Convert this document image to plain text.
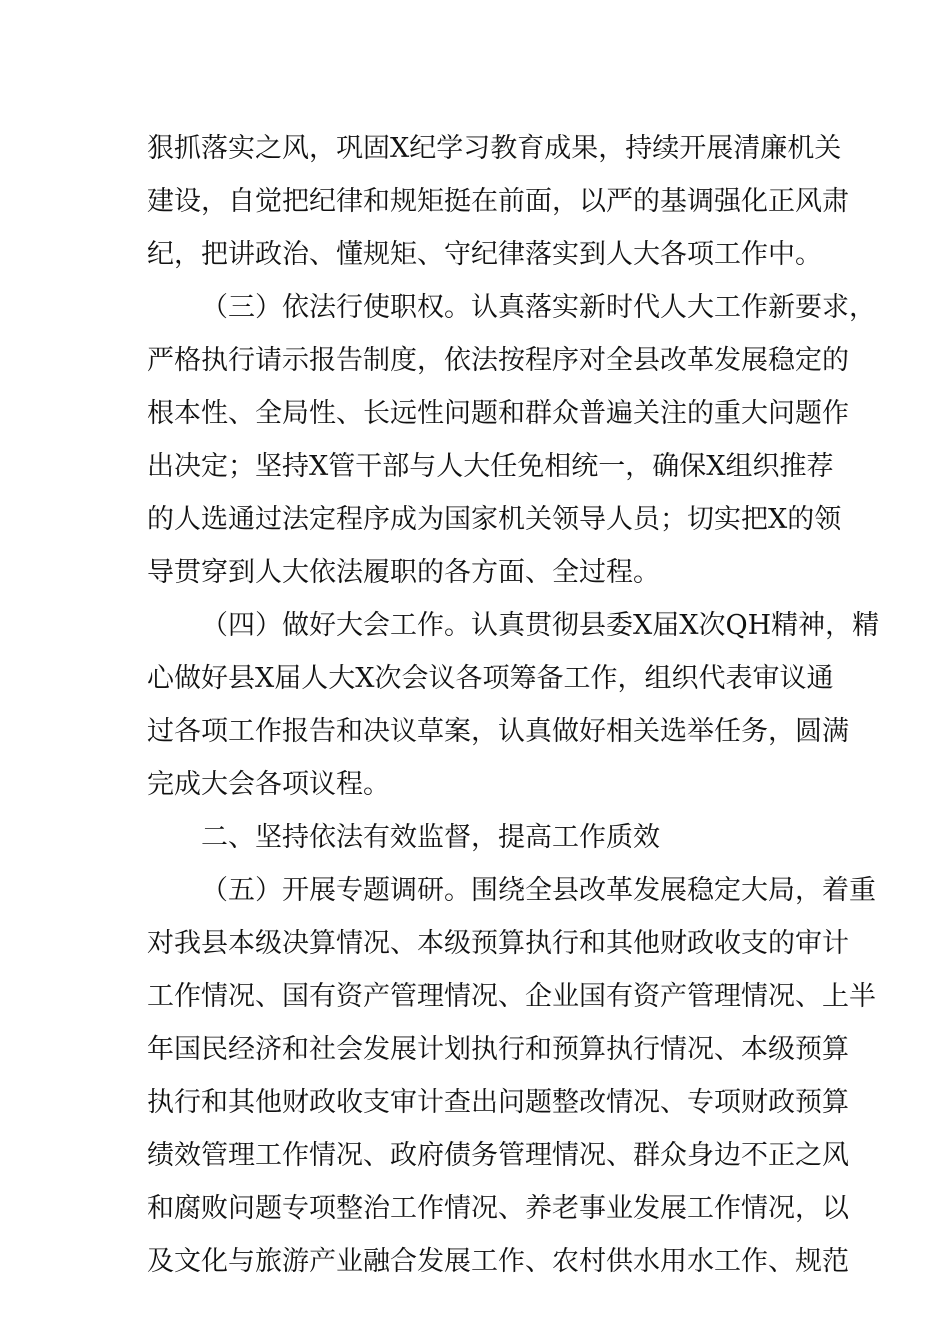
狠抓落实之风，巩固X纪学习教育成果，持续开展清廉机关
建设，自觉把纪律和规矩挺在前面，以严的基调强化正风肃
纪，把讲政治、懂规矩、守纪律落实到人大各项工作中。
（三）依法行使职权。认真落实新时代人大工作新要求，
严格执行请示报告制度，依法按程序对全县改革发展稳定的
根本性、全局性、长远性问题和群众普遍关注的重大问题作
出决定；坚持X管干部与人大任免相统一，确保X组织推荐
的人选通过法定程序成为国家机关领导人员；切实把X的领
导贯穿到人大依法履职的各方面、全过程。
（四）做好大会工作。认真贯彻县委X届X次QH精神，精
心做好县X届人大X次会议各项筹备工作，组织代表审议通
过各项工作报告和决议草案，认真做好相关选举任务，圆满
完成大会各项议程。
二、坚持依法有效监督，提高工作质效
（五）开展专题调研。围绕全县改革发展稳定大局，着重
对我县本级决算情况、本级预算执行和其他财政收支的审计
工作情况、国有资产管理情况、企业国有资产管理情况、上半
年国民经济和社会发展计划执行和预算执行情况、本级预算
执行和其他财政收支审计查出问题整改情况、专项财政预算
绩效管理工作情况、政府债务管理情况、群众身边不正之风
和腐败问题专项整治工作情况、养老事业发展工作情况，以
及文化与旅游产业融合发展工作、农村供水用水工作、规范
